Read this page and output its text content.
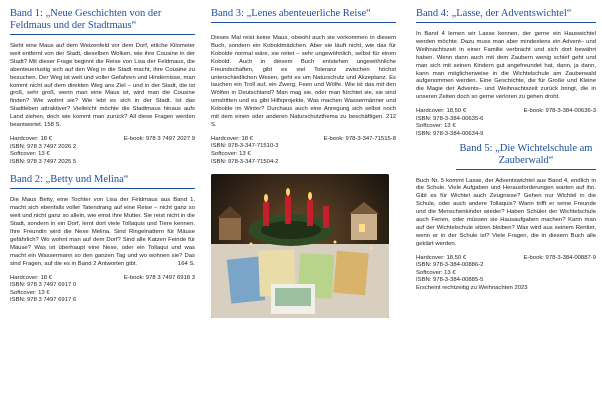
Band 1: „Neue Geschichten von der Feldmaus und der Stadtmaus“
Sieht eine Maus auf dem Weizenfeld vor dem Dorf, etliche Kilometer weit entfernt von der Stadt, dieselben Wolken, wie ihre Cousine in der Stadt? Mit dieser Frage beginnt die Reise von Lisa der Feldmaus, die abenteuerlustig sich auf den Weg in die Stadt macht, ihre Cousine zu besuchen. Der Weg ist weit und voller Gefahren und Hindernisse, man kommt nicht auf dem direkten Weg ans Ziel – und in der Stadt, die ist groß, sehr groß, wenn man eine Maus ist, wird man die Cousine finden? Wie wohnt sie? Wie lebt es sich in der Stadt. Ist das Stadtleben attraktiver? Vielleicht möchte die Stadtmaus hinaus aufs Land ziehen, doch wie kommt man zurück? All diese Fragen werden beantwortet. 158 S.
Hardcover: 18 €	E-book: 978 3 7497 2027 9
ISBN: 978 3 7497 2026 2
Softcover: 13 €
ISBN: 978 3 7497 2025 5
Band 2: „Betty und Melina“
Die Maus Betty, eine Tochter von Lisa der Feldmaus aus Band 1, macht sich ebenfalls voller Tatendrang auf eine Reise – nicht ganz so weit und nicht ganz so allein, wie einst ihre Mutter. Sie reist nicht in die Stadt, sondern in ein Dorf, lernt dort viele Tollaquis und Tiere kennen. Ihre Freundin wird die Nexe Melina. Sind Ringelnattern für Mäuse gefährlich? Wo wohnt man auf dem Dorf? Sind alle Katzen Feinde für Mäuse? Was ist überhaupt eine Nexe, oder ein Tollaqui und was macht ein Wassermann so den ganzen Tag und wo wohnen sie? Das sind Fragen, auf die es in Band 2 Antworten gibt.	164 S.
Hardcover: 18 €	E-book: 978 3 7497 6918 3
ISBN: 978 3 7497 6917 0
Softcover: 13 €
ISBN: 978 3 7497 6917 6
Band 3: „Lenes abenteuerliche Reise“
Dieses Mal reist keine Maus, obwohl auch sie vorkommen in diesem Buch, sondern ein Koboldmädchen. Aber sie läuft nicht, wie das für Kobolde normal wäre, sie reitet – sehr ungewöhnlich, selbst für einen Kobold. Auch in diesem Buch entstehen ungewöhnliche Freundschaften, gibt es viel Toleranz zwischen höchst unterschiedlichen Wesen, geht es um Naturschutz und Akzeptanz. Es tauchen ein Troll auf, ein Zwerg, Feen und Wölfe. Wie ist das mit den Wölfen in Deutschland? Man mag sie, oder man fürchtet sie, sie sind umstritten und es gibt Hilfsprojekte. Was machen Wassermänner und Kobolde im Winter? Durchaus auch eine Anregung sich selbst noch mit dem einen oder anderen Naturschutzthema zu beschäftigen. 212 S.
Hardcover: 18 €	E-book: 978-3-347-71515-8
ISBN: 978-3-347-71510-3
Softcover: 13 €
ISBN: 978-3-347-71504-2
Band 4: „Lasse, der Adventswichtel“
In Band 4 lernen wir Lasse kennen, der gerne ein Hauswichtel werden möchte. Dazu muss man aber mindestens ein Advent– und Weihnachtszeit in einer Familie verbracht und sich dort bewährt haben. Wenn dann auch mit dem Zaubern wenig schief geht und man sich mit seinen Kindern gut angefreundet hat, dann, ja dann, kann man möglicherweise in die Wichtelschule am Zauberwald aufgenommen werden. Eine Geschichte, die für Große und Kleine die Magie der Advents– und Weihnachtszeit zurück bringt, die in unseren Zeiten doch so gerne verloren zu gehen droht.
Hardcover: 18,50 €	E-book: 978-3-384-00636-3
ISBN: 978-3-384-00635-6
Softcover: 13 €
ISBN: 978-3-384-00634-9
Band 5: „Die Wichtelschule am Zauberwald“
Buch Nr. 5 kommt Lasse, der Adventswichtel aus Band 4, endlich in die Schule. Viele Aufgaben und Herausforderungen warten auf ihn. Gibt es für Wichtel auch Zeugnisse? Gehen nur Wichtel in die Schule, oder auch andere Tollaquis? Wann trifft er seine Freunde und die Menschenkinder wieder? Haben Schüler der Wichtelschule auch Ferien, oder müssen sie Hausaufgaben machen? Kann man auf der Wichtelschule sitzen bleiben? Was wird aus seinem Rentier, wenn er in der Schule ist? Viele Fragen, die in diesem Buch alle geklärt werden.
Hardcover: 18,50 €	E-book: 978-3-384-00887-9
ISBN: 978-3-384-00886-2
Softcover: 13 €
ISBN: 978-3-384-00885-5
Erscheint rechtzeitig zu Weihnachten 2023
